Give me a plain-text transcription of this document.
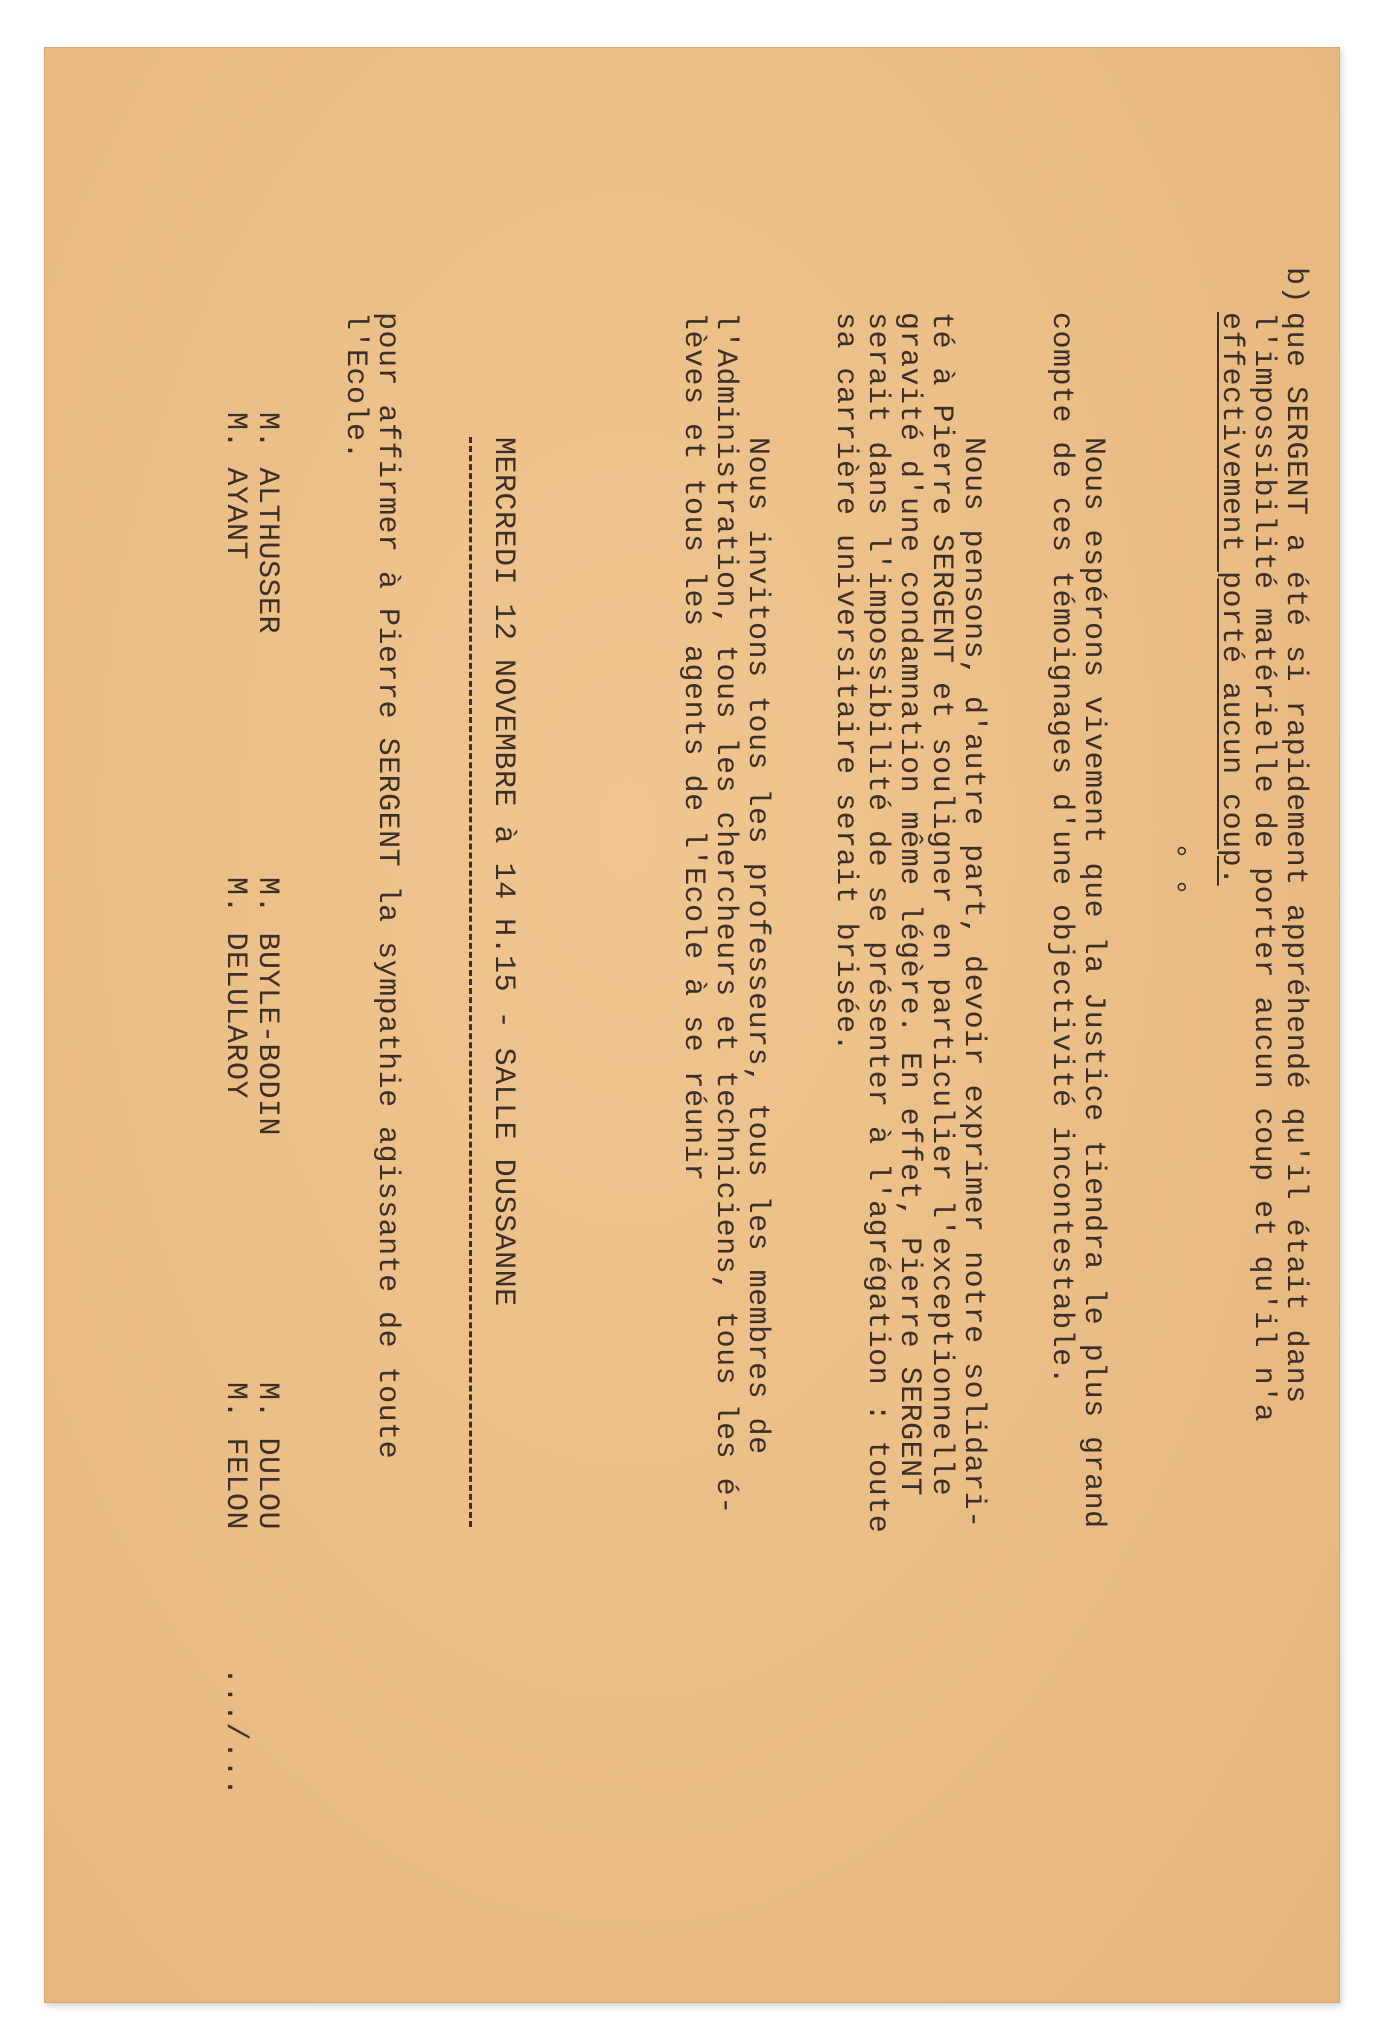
b)
que SERGENT a été si rapidement appréhendé qu'il était dans
l'impossibilité matérielle de porter aucun coup et qu'il n'a
effectivement porté aucun coup.
° °
Nous espérons vivement que la Justice tiendra le plus grand
compte de ces témoignages d'une objectivité incontestable.
Nous pensons, d'autre part, devoir exprimer notre solidari-
té à Pierre SERGENT et souligner en particulier l'exceptionnelle
gravité d'une condamnation même légère. En effet, Pierre SERGENT
serait dans l'impossibilité de se présenter à l'agrégation : toute
sa carrière universitaire serait brisée.
Nous invitons tous les professeurs, tous les membres de
l'Administration, tous les chercheurs et techniciens, tous les é-
lèves et tous les agents de l'Ecole à se réunir
MERCREDI 12 NOVEMBRE à 14 H.15 - SALLE DUSSANNE
pour affirmer à Pierre SERGENT la sympathie agissante de toute
l'Ecole.
M. ALTHUSSER
M. BUYLE-BODIN
M. DULOU
M. AYANT
M. DELULAROY
M. FELON
.../...
